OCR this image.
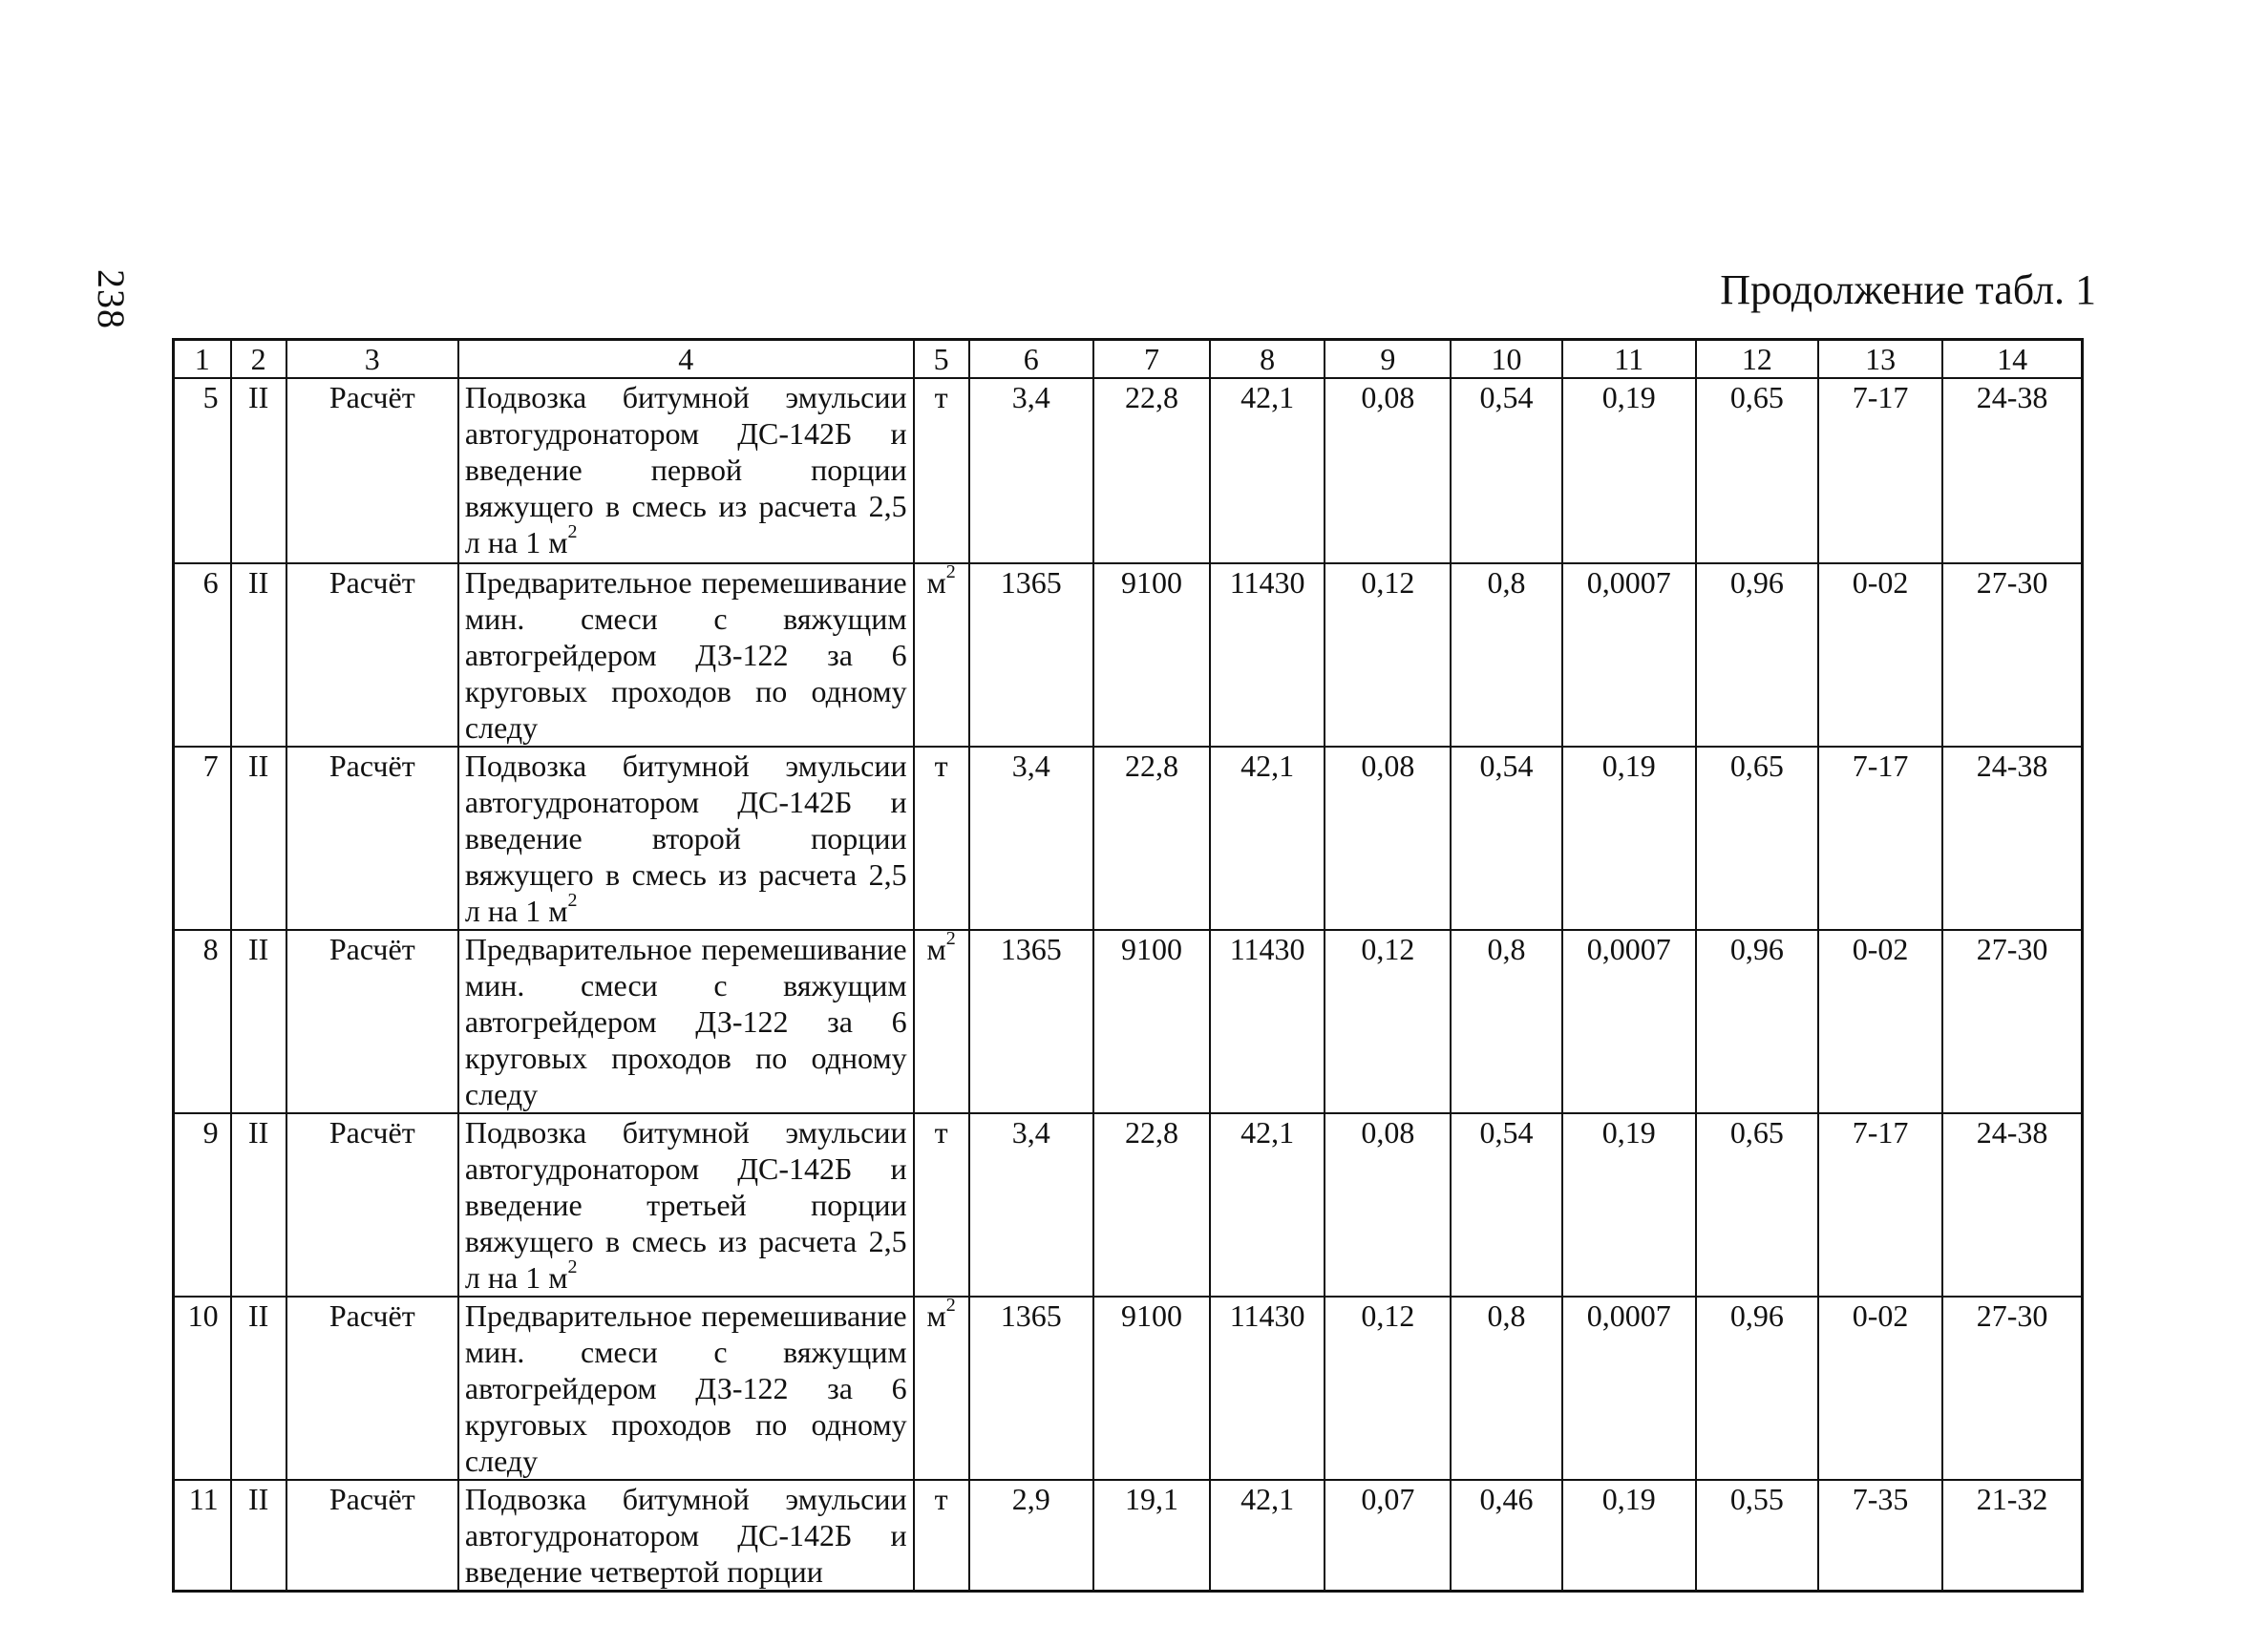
238	Продолжение табл. 1
1	2	3	4	5	6	7	8	9	10	11	12	13	14
5	II	Расчёт	Подвозка битумной эмульсии автогудронатором ДС-142Б и введение первой порции вяжущего в смесь из расчета 2,5 л на 1 $м^2$	т	3,4	22,8	42,1	0,08	0,54	0,19	0,65	7-17	24-38
6	II	Расчёт	Предварительное перемешивание мин. смеси с вяжущим автогрейдером ДЗ-122 за 6 круговых проходов по одному следу	$м^2$	1365	9100	11430	0,12	0,8	0,0007	0,96	0-02	27-30
7	II	Расчёт	Подвозка битумной эмульсии автогудронатором ДС-142Б и введение второй порции вяжущего в смесь из расчета 2,5 л на 1 $м^2$	т	3,4	22,8	42,1	0,08	0,54	0,19	0,65	7-17	24-38
8	II	Расчёт	Предварительное перемешивание мин. смеси с вяжущим автогрейдером ДЗ-122 за 6 круговых проходов по одному следу	$м^2$	1365	9100	11430	0,12	0,8	0,0007	0,96	0-02	27-30
9	II	Расчёт	Подвозка битумной эмульсии автогудронатором ДС-142Б и введение третьей порции вяжущего в смесь из расчета 2,5 л на 1 $м^2$	т	3,4	22,8	42,1	0,08	0,54	0,19	0,65	7-17	24-38
10	II	Расчёт	Предварительное перемешивание мин. смеси с вяжущим автогрейдером ДЗ-122 за 6 круговых проходов по одному следу	$м^2$	1365	9100	11430	0,12	0,8	0,0007	0,96	0-02	27-30
11	II	Расчёт	Подвозка битумной эмульсии автогудронатором ДС-142Б и введение четвертой порции	т	2,9	19,1	42,1	0,07	0,46	0,19	0,55	7-35	21-32
